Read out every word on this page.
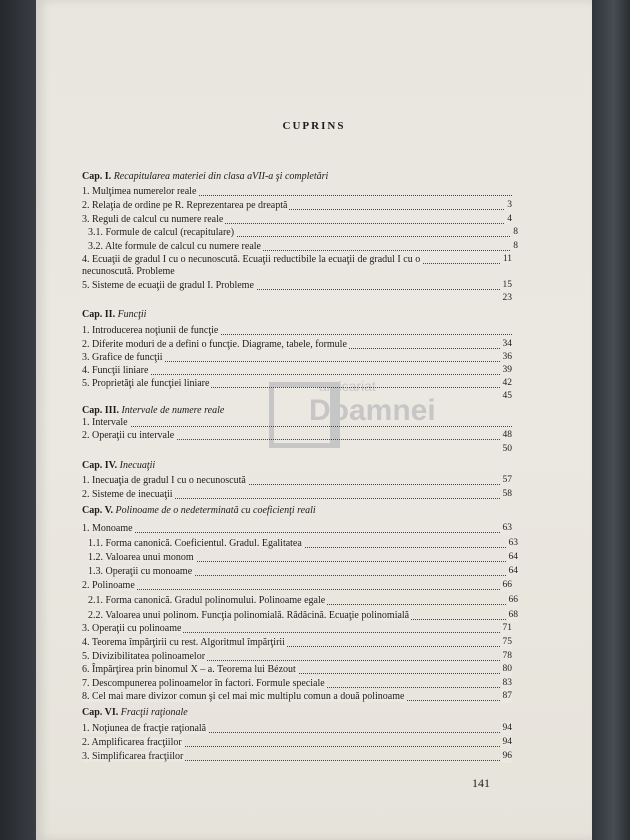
CUPRINS
anticariat
Doamnei
Cap. I. Recapitularea materiei din clasa aVII-a şi completări
1. Mulţimea numerelor reale
2. Relaţia de ordine pe R. Reprezentarea pe dreaptă	3
3. Reguli de calcul cu numere reale	4
3.1. Formule de calcul (recapitulare)	8
3.2. Alte formule de calcul cu numere reale	8
4. Ecuaţii de gradul I cu o necunoscută. Ecuaţii reductibile la ecuaţii de gradul I cu o	11
necunoscută. Probleme
5. Sisteme de ecuaţii de gradul I. Probleme	15
23
Cap. II. Funcţii
1. Introducerea noţiunii de funcţie
2. Diferite moduri de a defini o funcţie. Diagrame, tabele, formule	34
3. Grafice de funcţii	36
4. Funcţii liniare	39
5. Proprietăţi ale funcţiei liniare	42
45
Cap. III. Intervale de numere reale
1. Intervale
2. Operaţii cu intervale	48
50
Cap. IV. Inecuaţii
1. Inecuaţia de gradul I cu o necunoscută	57
2. Sisteme de inecuaţii	58
Cap. V. Polinoame de o nedeterminată cu coeficienţi reali
1. Monoame	63
1.1. Forma canonică. Coeficientul. Gradul. Egalitatea	63
1.2. Valoarea unui monom	64
1.3. Operaţii cu monoame	64
2. Polinoame	66
2.1. Forma canonică. Gradul polinomului. Polinoame egale	66
2.2. Valoarea unui polinom. Funcţia polinomială. Rădăcină. Ecuaţie polinomială	68
3. Operaţii cu polinoame	71
4. Teorema împărţirii cu rest. Algoritmul împărţirii	75
5. Divizibilitatea polinoamelor	78
6. Împărţirea prin binomul X – a. Teorema lui Bézout	80
7. Descompunerea polinoamelor în factori. Formule speciale	83
8. Cel mai mare divizor comun şi cel mai mic multiplu comun a două polinoame	87
Cap. VI. Fracţii raţionale
1. Noţiunea de fracţie raţională	94
2. Amplificarea fracţiilor	94
3. Simplificarea fracţiilor	96
141
